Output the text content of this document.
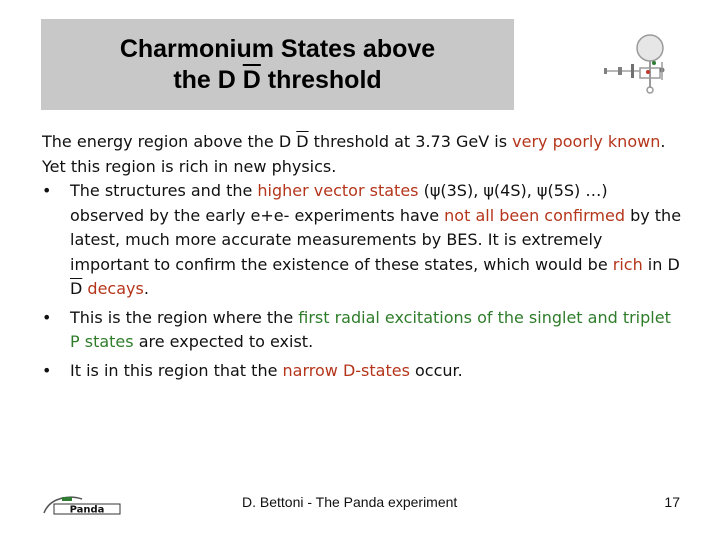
Charmonium States above
the D $\overline{D}$ threshold

The energy region above the D $\overline{D}$ threshold at 3.73 GeV is very poorly known. Yet this region is rich in new physics.

• The structures and the higher vector states (ψ(3S), ψ(4S), ψ(5S) …) observed by the early e+e- experiments have not all been confirmed by the latest, much more accurate measurements by BES. It is extremely important to confirm the existence of these states, which would be rich in D $\overline{D}$ decays.
• This is the region where the first radial excitations of the singlet and triplet P states are expected to exist.
• It is in this region that the narrow D-states occur.
Panda	D. Bettoni - The Panda experiment	17
